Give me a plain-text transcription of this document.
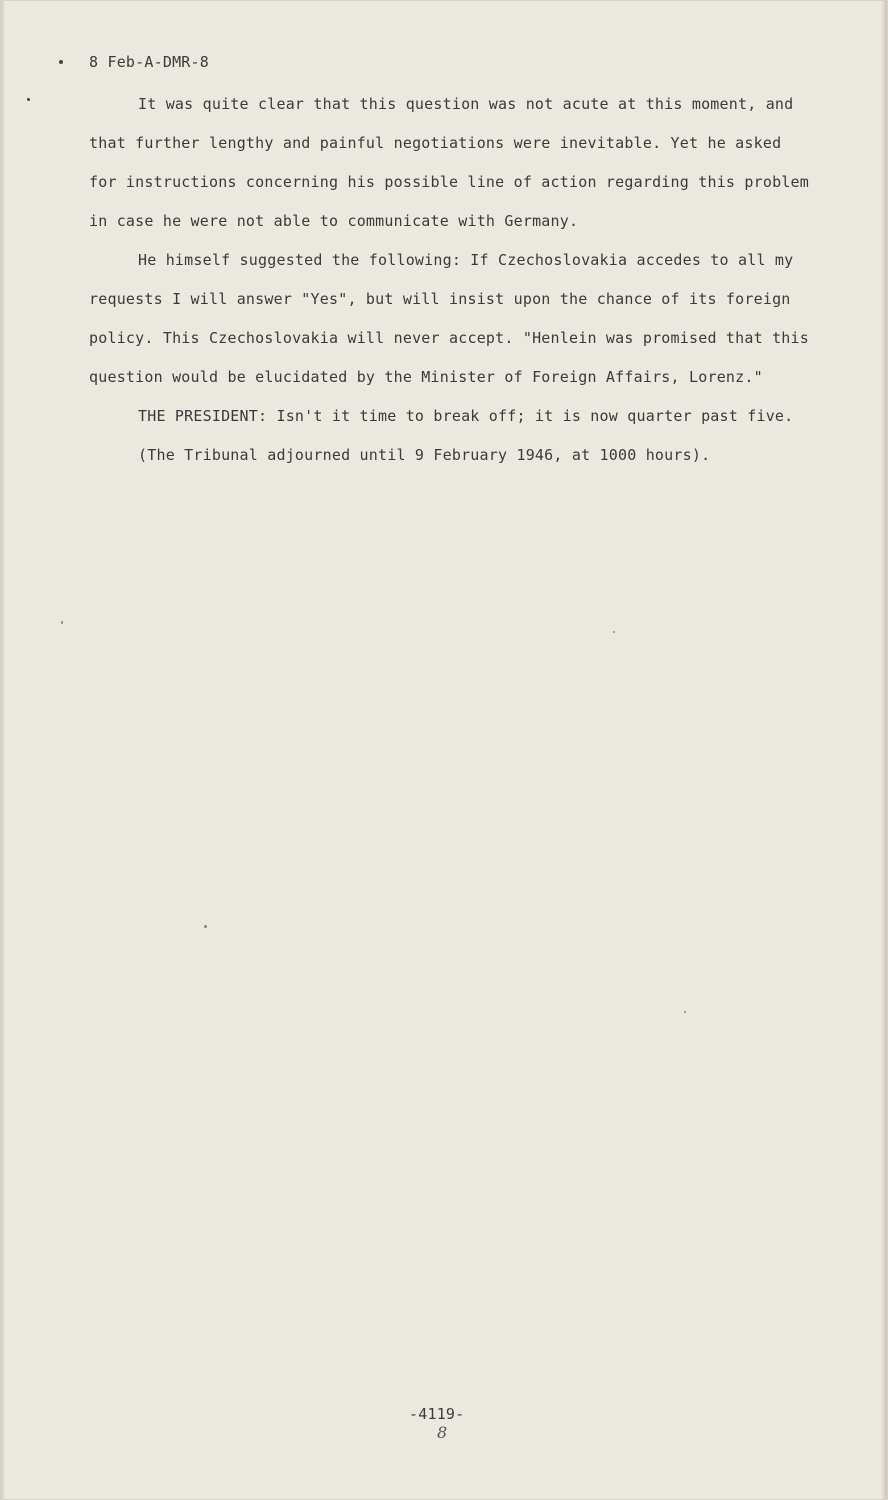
8 Feb-A-DMR-8

It was quite clear that this question was not acute at this moment, and that further lengthy and painful negotiations were inevitable. Yet he asked for instructions concerning his possible line of action regarding this problem in case he were not able to communicate with Germany.

He himself suggested the following: If Czechoslovakia accedes to all my requests I will answer "Yes", but will insist upon the chance of its foreign policy. This Czechoslovakia will never accept. "Henlein was promised that this question would be elucidated by the Minister of Foreign Affairs, Lorenz."

THE PRESIDENT: Isn't it time to break off; it is now quarter past five.

(The Tribunal adjourned until 9 February 1946, at 1000 hours).

-4119-
8
